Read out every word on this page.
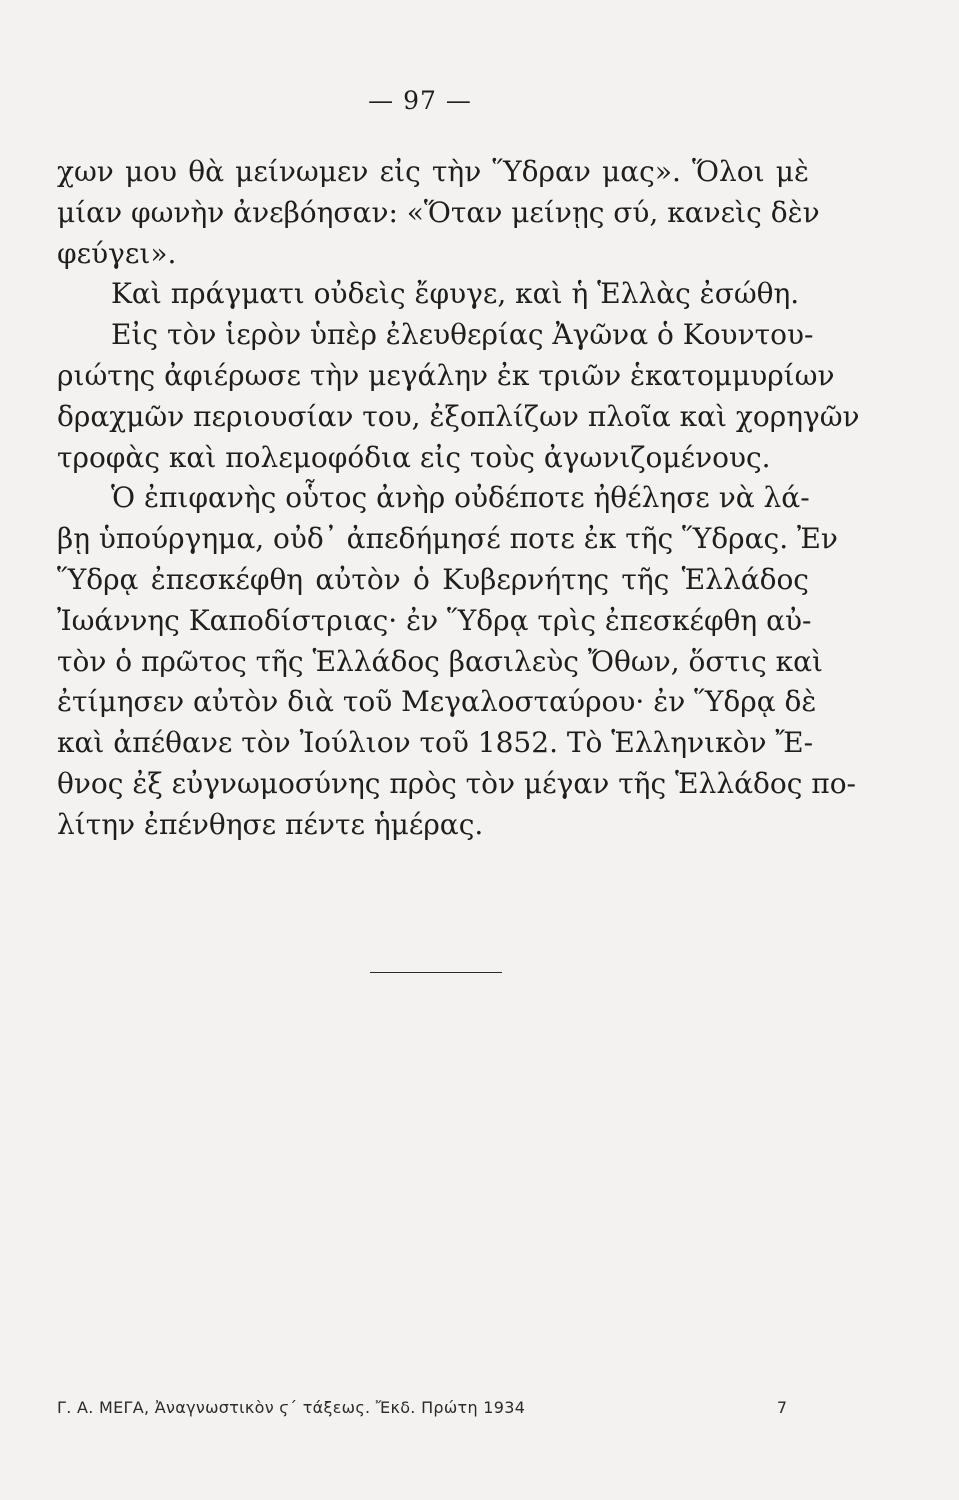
— 97 —
χων μου θὰ μείνωμεν εἰς τὴν Ὕδραν μας». Ὅλοι μὲ
μίαν φωνὴν ἀνεβόησαν: «Ὅταν μείνῃς σύ, κανεὶς δὲν
φεύγει».
Καὶ πράγματι οὐδεὶς ἔφυγε, καὶ ἡ Ἑλλὰς ἐσώθη.
Εἰς τὸν ἱερὸν ὑπὲρ ἐλευθερίας Ἀγῶνα ὁ Κουντου-
ριώτης ἀφιέρωσε τὴν μεγάλην ἐκ τριῶν ἑκατομμυρίων
δραχμῶν περιουσίαν του, ἐξοπλίζων πλοῖα καὶ χορηγῶν
τροφὰς καὶ πολεμοφόδια εἰς τοὺς ἀγωνιζομένους.
Ὁ ἐπιφανὴς οὗτος ἀνὴρ οὐδέποτε ἠθέλησε νὰ λά-
βῃ ὑπούργημα, οὐδ᾽ ἀπεδήμησέ ποτε ἐκ τῆς Ὕδρας. Ἐν
Ὕδρᾳ ἐπεσκέφθη αὐτὸν ὁ Κυβερνήτης τῆς Ἑλλάδος
Ἰωάννης Καποδίστριας· ἐν Ὕδρᾳ τρὶς ἐπεσκέφθη αὐ-
τὸν ὁ πρῶτος τῆς Ἑλλάδος βασιλεὺς Ὄθων, ὅστις καὶ
ἐτίμησεν αὐτὸν διὰ τοῦ Μεγαλοσταύρου· ἐν Ὕδρᾳ δὲ
καὶ ἀπέθανε τὸν Ἰούλιον τοῦ 1852. Τὸ Ἑλληνικὸν Ἔ-
θνος ἐξ εὐγνωμοσύνης πρὸς τὸν μέγαν τῆς Ἑλλάδος πο-
λίτην ἐπένθησε πέντε ἡμέρας.
Γ. Α. ΜΕΓΑ, Ἀναγνωστικὸν ϛ´ τάξεως. Ἔκδ. Πρώτη 1934	7
